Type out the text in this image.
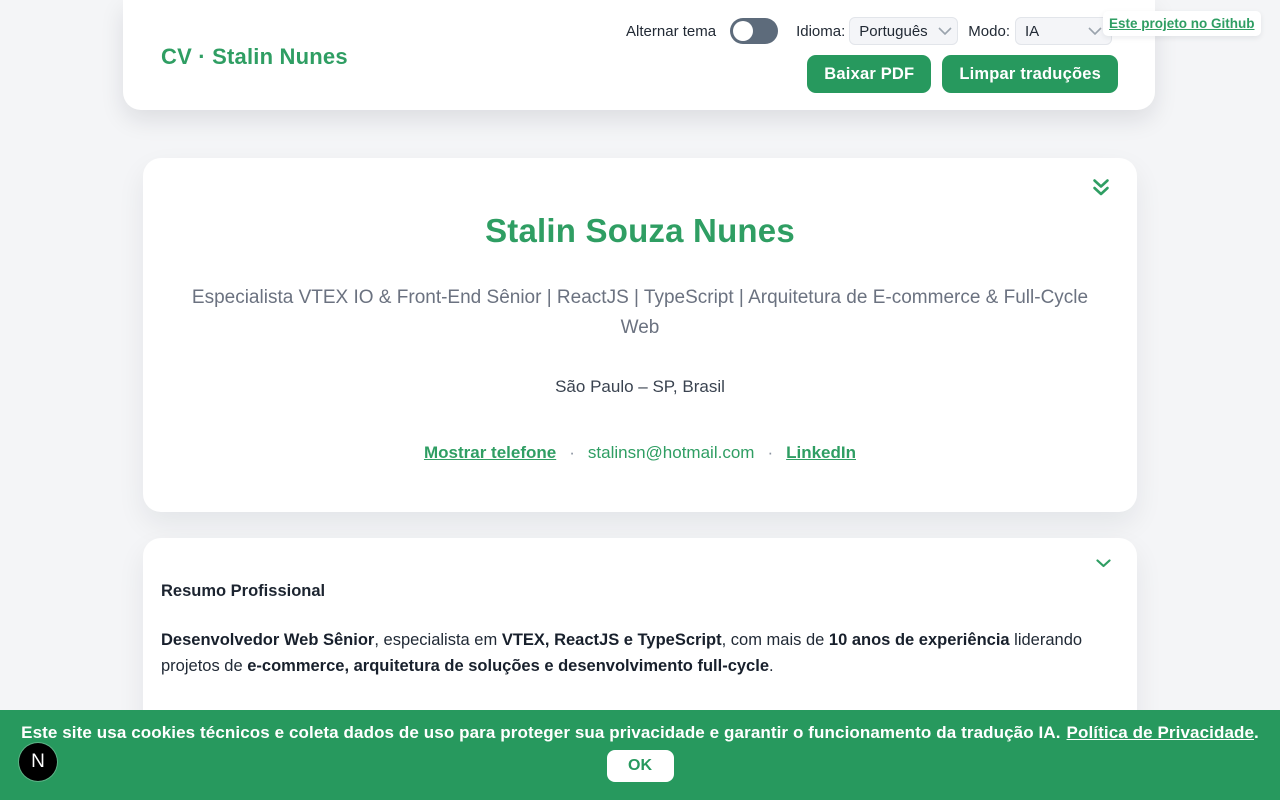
CV · Stalin Nunes
Alternar tema	Idioma: Português	Modo: IA
Baixar PDF	Limpar traduções
Este projeto no Github
Stalin Souza Nunes

Especialista VTEX IO & Front-End Sênior | ReactJS | TypeScript | Arquitetura de E-commerce & Full-Cycle Web

São Paulo – SP, Brasil

Mostrar telefone · stalinsn@hotmail.com · LinkedIn
Resumo Profissional

Desenvolvedor Web Sênior, especialista em VTEX, ReactJS e TypeScript, com mais de 10 anos de experiência liderando projetos de e-commerce, arquitetura de soluções e desenvolvimento full-cycle.

Este site usa cookies técnicos e coleta dados de uso para proteger sua privacidade e garantir o funcionamento da tradução IA. Política de Privacidade.

OK
N
